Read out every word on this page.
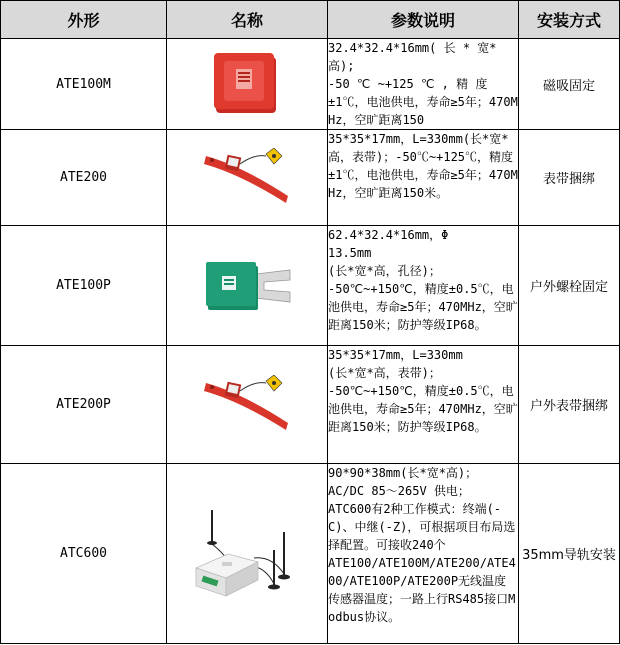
外形	名称	参数说明	安装方式
ATE100M		32.4*32.4*16mm( 长 * 宽*高);
-50 ℃ ~+125 ℃ , 精 度±1℃，电池供电，寿命≥5年；470MHz，空旷距离150	磁吸固定
ATE200		35*35*17mm，L=330mm(长*宽*高，表带)；-50℃~+125℃，精度±1℃，电池供电，寿命≥5年；470MHz，空旷距离150米。	表带捆绑
ATE100P		62.4*32.4*16mm，Φ
13.5mm
(长*宽*高，孔径)；
-50℃~+150℃，精度±0.5℃，电池供电，寿命≥5年；470MHz，空旷距离150米；防护等级IP68。	户外螺栓固定
ATE200P		35*35*17mm，L=330mm
(长*宽*高，表带)；
-50℃~+150℃，精度±0.5℃，电池供电，寿命≥5年；470MHz，空旷距离150米；防护等级IP68。	户外表带捆绑
ATC600		90*90*38mm(长*宽*高)；
AC/DC 85～265V 供电；
ATC600有2种工作模式：终端(-C)、中继(-Z)，可根据项目布局选择配置。可接收240个
ATE100/ATE100M/ATE200/ATE400/ATE100P/ATE200P无线温度传感器温度；一路上行RS485接口Modbus协议。	35mm导轨安装
